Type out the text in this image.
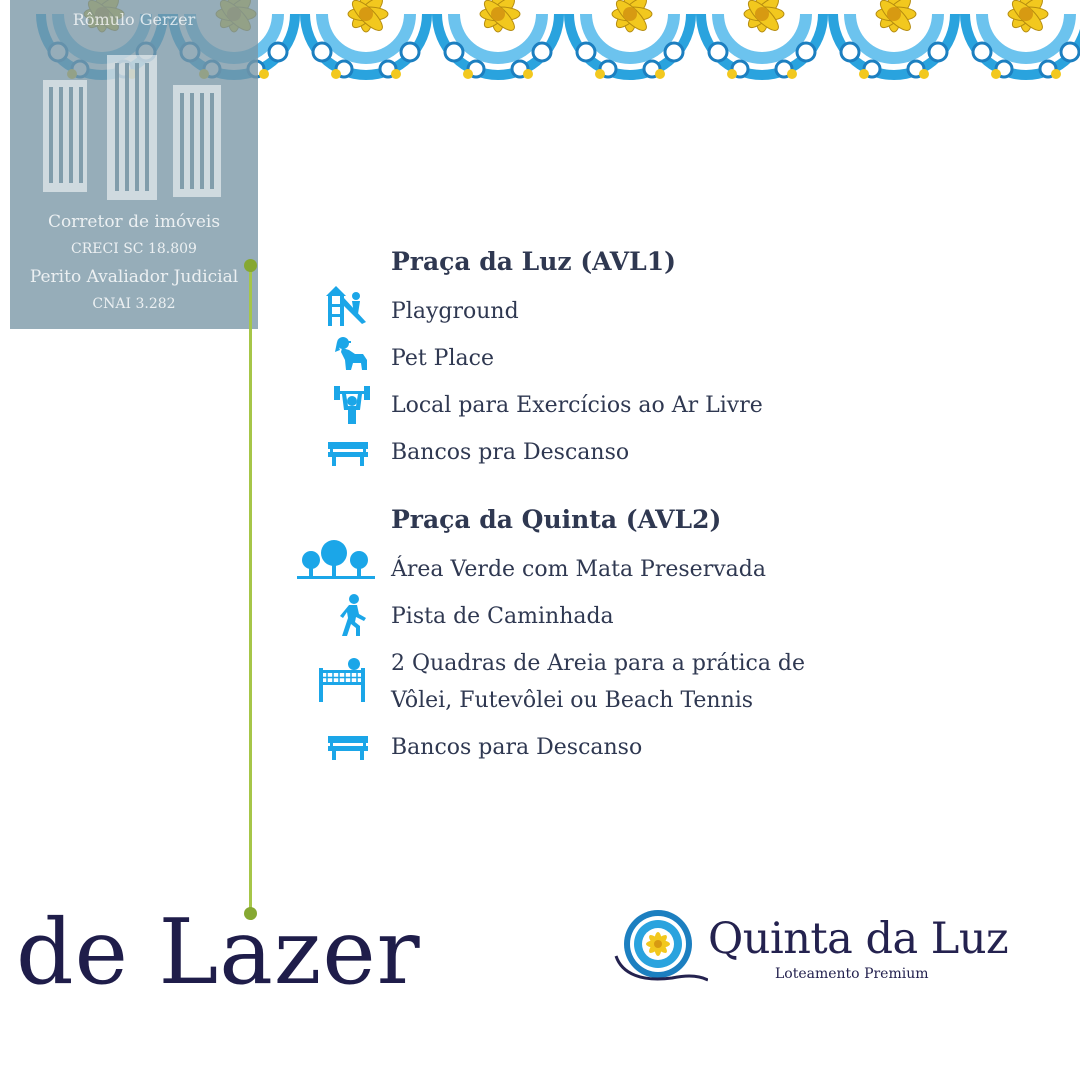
Rômulo Gerzer
Corretor de imóveis
CRECI SC 18.809
Perito Avaliador Judicial
CNAI 3.282
Praça da Luz (AVL1)
Playground
Pet Place
Local para Exercícios ao Ar Livre
Bancos pra Descanso
Praça da Quinta (AVL2)
Área Verde com Mata Preservada
Pista de Caminhada
2 Quadras de Areia para a prática de
Vôlei, Futevôlei ou Beach Tennis
Bancos para Descanso
de Lazer	Quinta da Luz
Loteamento Premium
